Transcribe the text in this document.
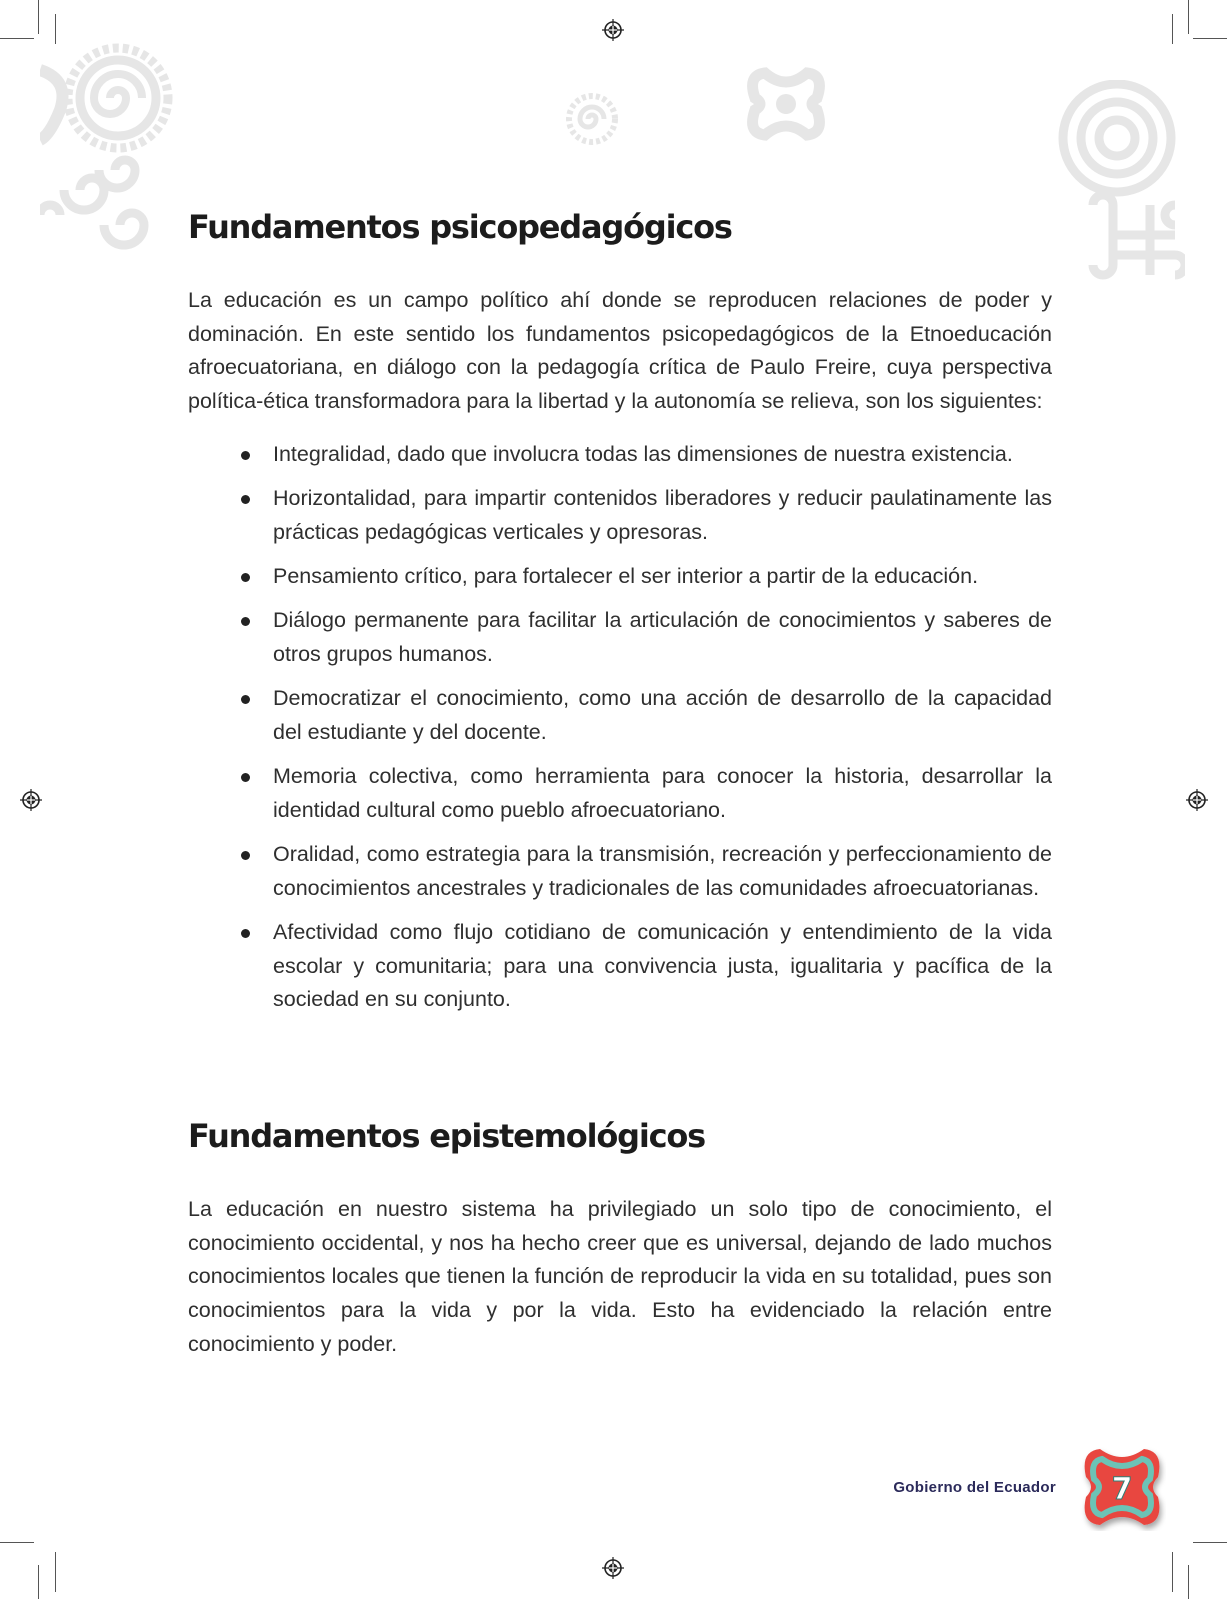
Fundamentos psicopedagógicos

La educación es un campo político ahí donde se reproducen relaciones de poder y dominación. En este sentido los fundamentos psicopedagógicos de la Etnoeducación afroecuatoriana, en diálogo con la pedagogía crítica de Paulo Freire, cuya perspectiva política-ética transformadora para la libertad y la autonomía se relieva, son los siguientes:

Integralidad, dado que involucra todas las dimensiones de nuestra existencia.
Horizontalidad, para impartir contenidos liberadores y reducir paulatinamente las prácticas pedagógicas verticales y opresoras.
Pensamiento crítico, para fortalecer el ser interior a partir de la educación.
Diálogo permanente para facilitar la articulación de conocimientos y saberes de otros grupos humanos.
Democratizar el conocimiento, como una acción de desarrollo de la capacidad del estudiante y del docente.
Memoria colectiva, como herramienta para conocer la historia, desarrollar la identidad cultural como pueblo afroecuatoriano.
Oralidad, como estrategia para la transmisión, recreación y perfeccionamiento de conocimientos ancestrales y tradicionales de las comunidades afroecuatorianas.
Afectividad como flujo cotidiano de comunicación y entendimiento de la vida escolar y comunitaria; para una convivencia justa, igualitaria y pacífica de la sociedad en su conjunto.
Fundamentos epistemológicos

La educación en nuestro sistema ha privilegiado un solo tipo de conocimiento, el conocimiento occidental, y nos ha hecho creer que es universal, dejando de lado muchos conocimientos locales que tienen la función de reproducir la vida en su totalidad, pues son conocimientos para la vida y por la vida. Esto ha evidenciado la relación entre conocimiento y poder.

Gobierno del Ecuador 7
